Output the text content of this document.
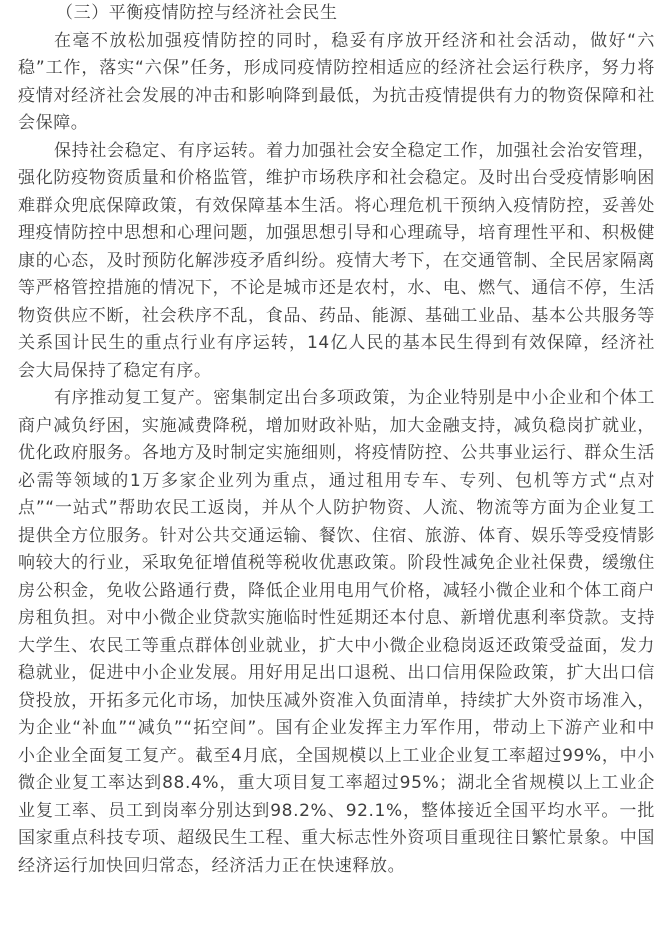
（三）平衡疫情防控与经济社会民生

在毫不放松加强疫情防控的同时，稳妥有序放开经济和社会活动，做好“六稳”工作，落实“六保”任务，形成同疫情防控相适应的经济社会运行秩序，努力将疫情对经济社会发展的冲击和影响降到最低，为抗击疫情提供有力的物资保障和社会保障。

保持社会稳定、有序运转。着力加强社会安全稳定工作，加强社会治安管理，强化防疫物资质量和价格监管，维护市场秩序和社会稳定。及时出台受疫情影响困难群众兜底保障政策，有效保障基本生活。将心理危机干预纳入疫情防控，妥善处理疫情防控中思想和心理问题，加强思想引导和心理疏导，培育理性平和、积极健康的心态，及时预防化解涉疫矛盾纠纷。疫情大考下，在交通管制、全民居家隔离等严格管控措施的情况下，不论是城市还是农村，水、电、燃气、通信不停，生活物资供应不断，社会秩序不乱，食品、药品、能源、基础工业品、基本公共服务等关系国计民生的重点行业有序运转，14亿人民的基本民生得到有效保障，经济社会大局保持了稳定有序。

有序推动复工复产。密集制定出台多项政策，为企业特别是中小企业和个体工商户减负纾困，实施减费降税，增加财政补贴，加大金融支持，减负稳岗扩就业，优化政府服务。各地方及时制定实施细则，将疫情防控、公共事业运行、群众生活必需等领域的1万多家企业列为重点，通过租用专车、专列、包机等方式“点对点”“一站式”帮助农民工返岗，并从个人防护物资、人流、物流等方面为企业复工提供全方位服务。针对公共交通运输、餐饮、住宿、旅游、体育、娱乐等受疫情影响较大的行业，采取免征增值税等税收优惠政策。阶段性减免企业社保费，缓缴住房公积金，免收公路通行费，降低企业用电用气价格，减轻小微企业和个体工商户房租负担。对中小微企业贷款实施临时性延期还本付息、新增优惠利率贷款。支持大学生、农民工等重点群体创业就业，扩大中小微企业稳岗返还政策受益面，发力稳就业，促进中小企业发展。用好用足出口退税、出口信用保险政策，扩大出口信贷投放，开拓多元化市场，加快压减外资准入负面清单，持续扩大外资市场准入，为企业“补血”“减负”“拓空间”。国有企业发挥主力军作用，带动上下游产业和中小企业全面复工复产。截至4月底，全国规模以上工业企业复工率超过99%，中小微企业复工率达到88.4%，重大项目复工率超过95%；湖北全省规模以上工业企业复工率、员工到岗率分别达到98.2%、92.1%，整体接近全国平均水平。一批国家重点科技专项、超级民生工程、重大标志性外资项目重现往日繁忙景象。中国经济运行加快回归常态，经济活力正在快速释放。
